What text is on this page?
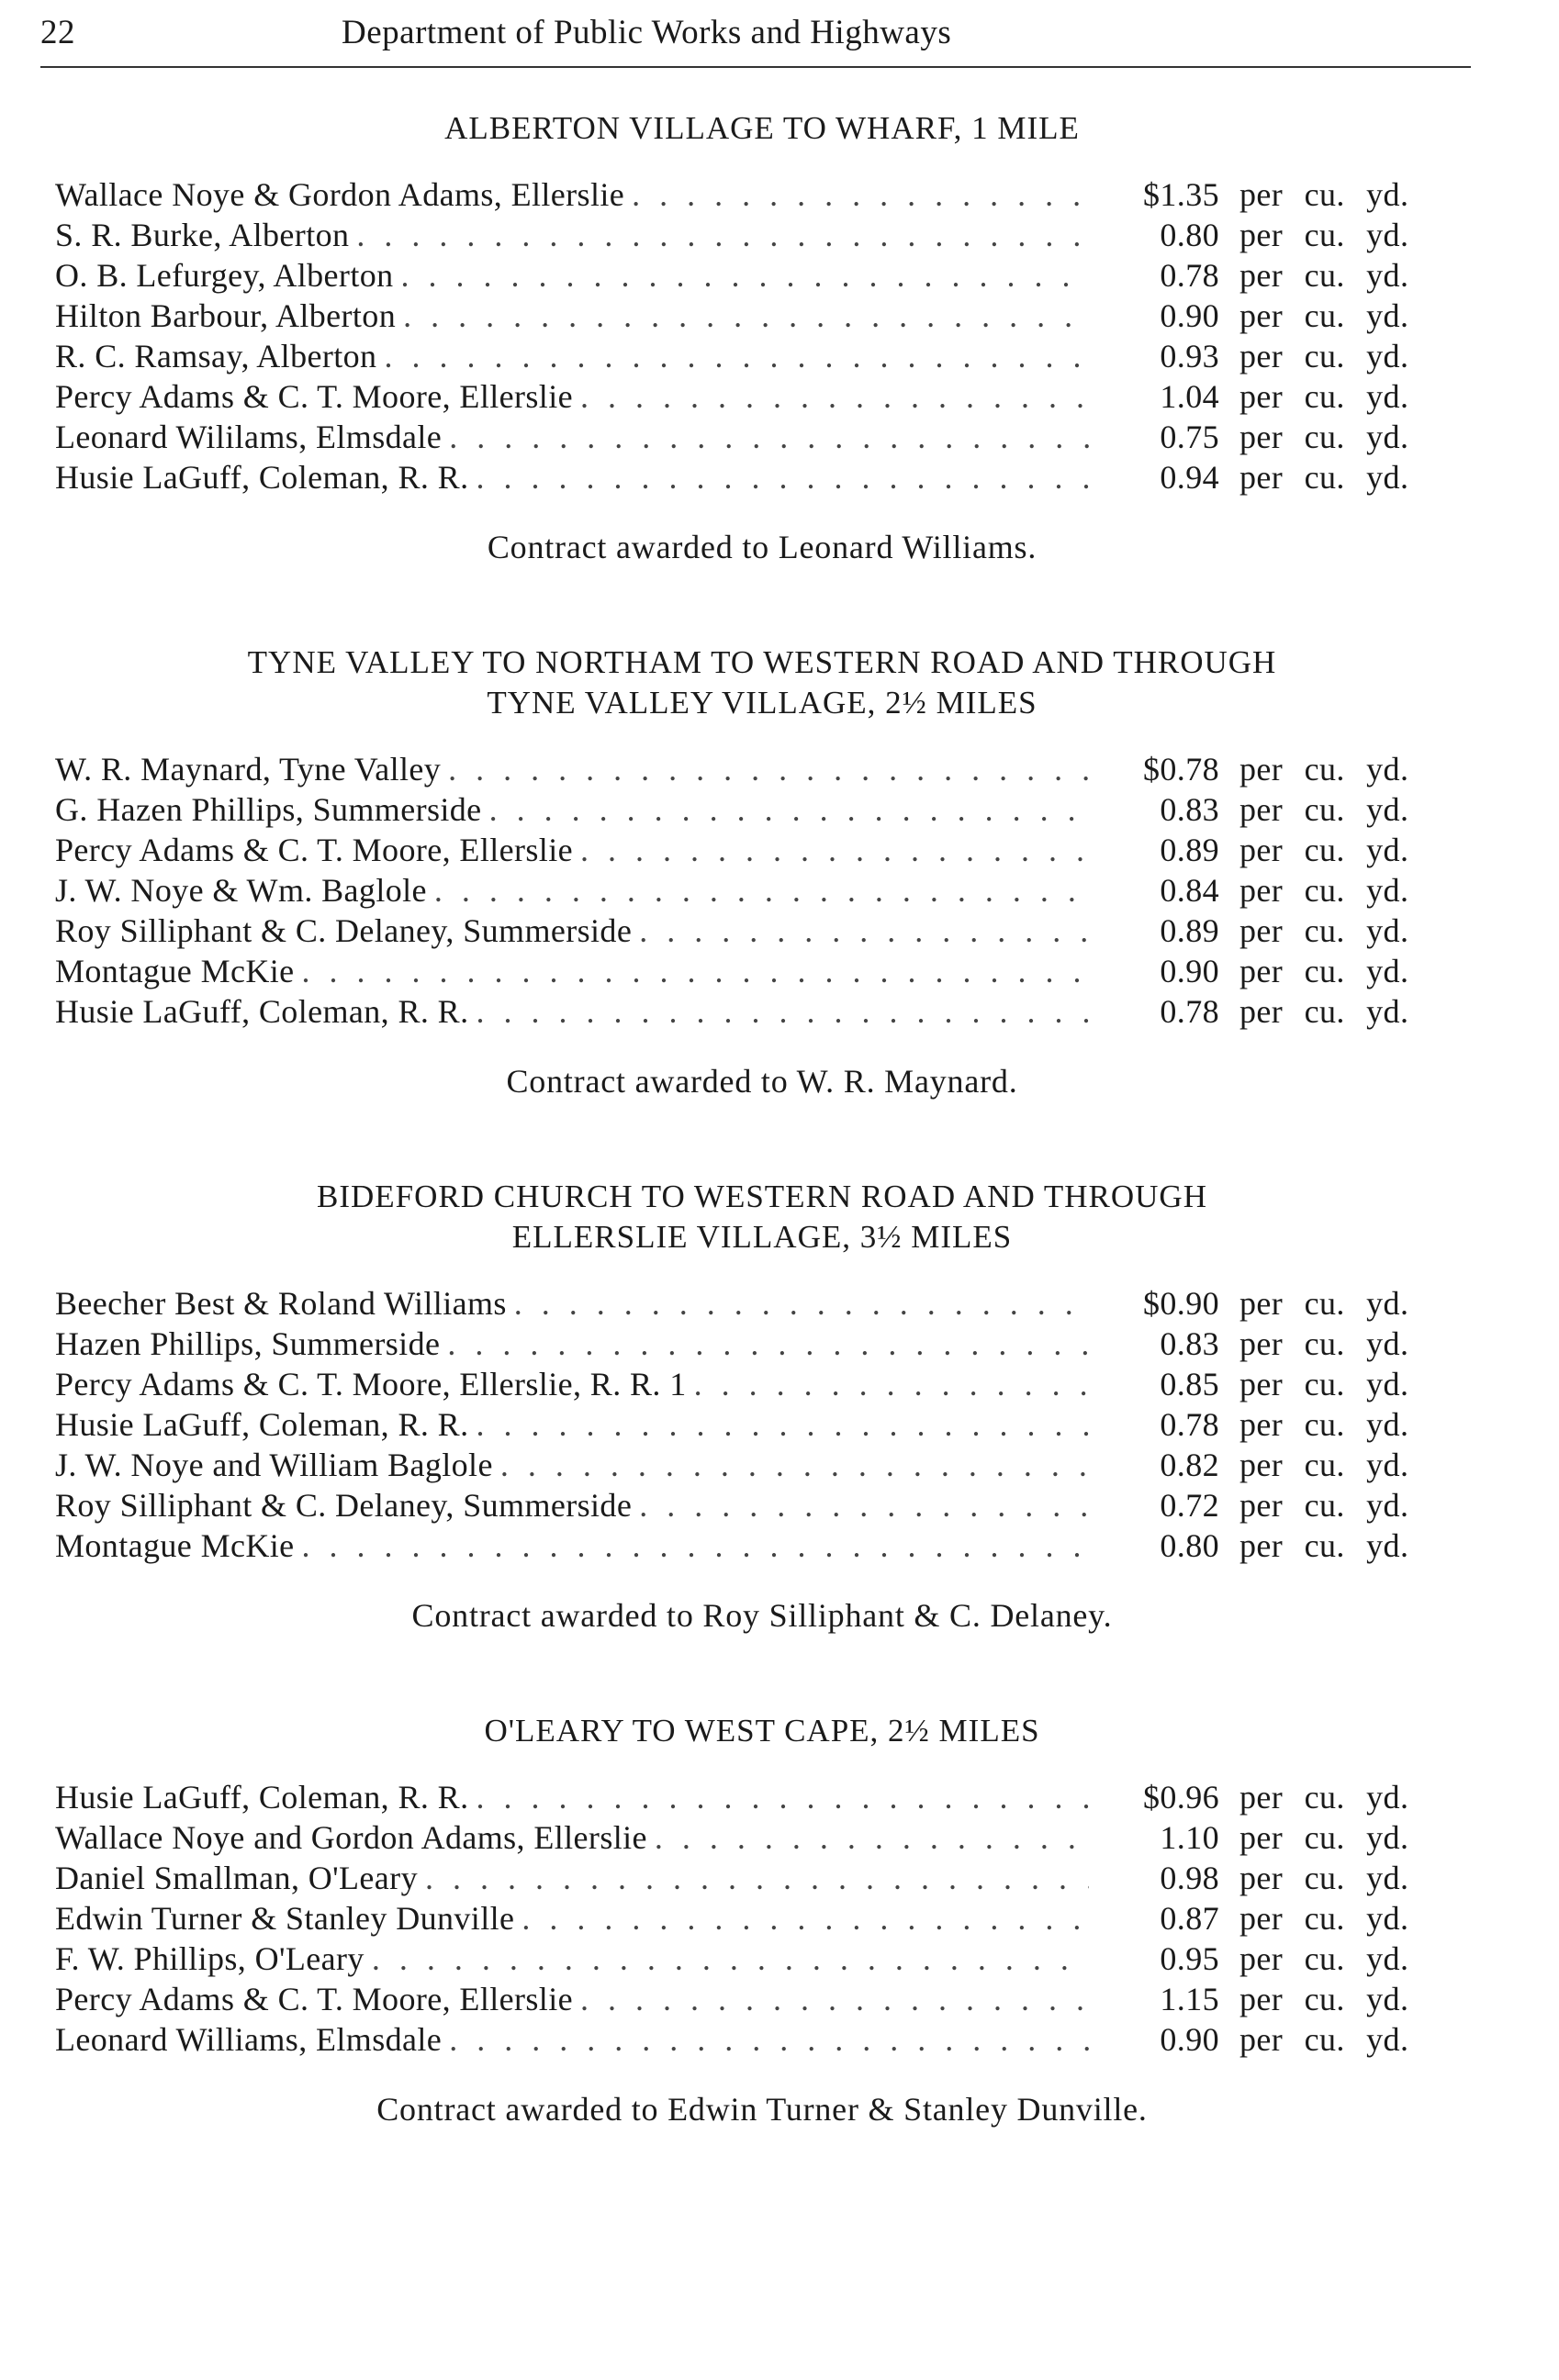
22	Department of Public Works and Highways

ALBERTON VILLAGE TO WHARF, 1 MILE

Wallace Noye & Gordon Adams, Ellerslie . . .	$1.35 per cu. yd.
S. R. Burke, Alberton . . .	0.80 per cu. yd.
O. B. Lefurgey, Alberton . . .	0.78 per cu. yd.
Hilton Barbour, Alberton . . .	0.90 per cu. yd.
R. C. Ramsay, Alberton . . .	0.93 per cu. yd.
Percy Adams & C. T. Moore, Ellerslie . . .	1.04 per cu. yd.
Leonard Wililams, Elmsdale . . .	0.75 per cu. yd.
Husie LaGuff, Coleman, R. R. . . .	0.94 per cu. yd.
Contract awarded to Leonard Williams.

TYNE VALLEY TO NORTHAM TO WESTERN ROAD AND THROUGH
TYNE VALLEY VILLAGE, 2½ MILES

W. R. Maynard, Tyne Valley . . .	$0.78 per cu. yd.
G. Hazen Phillips, Summerside . . .	0.83 per cu. yd.
Percy Adams & C. T. Moore, Ellerslie . . .	0.89 per cu. yd.
J. W. Noye & Wm. Baglole . . .	0.84 per cu. yd.
Roy Silliphant & C. Delaney, Summerside . . .	0.89 per cu. yd.
Montague McKie . . .	0.90 per cu. yd.
Husie LaGuff, Coleman, R. R. . . .	0.78 per cu. yd.
Contract awarded to W. R. Maynard.

BIDEFORD CHURCH TO WESTERN ROAD AND THROUGH
ELLERSLIE VILLAGE, 3½ MILES

Beecher Best & Roland Williams . . .	$0.90 per cu. yd.
Hazen Phillips, Summerside . . .	0.83 per cu. yd.
Percy Adams & C. T. Moore, Ellerslie, R. R. 1 . . .	0.85 per cu. yd.
Husie LaGuff, Coleman, R. R. . . .	0.78 per cu. yd.
J. W. Noye and William Baglole . . .	0.82 per cu. yd.
Roy Silliphant & C. Delaney, Summerside . . .	0.72 per cu. yd.
Montague McKie . . .	0.80 per cu. yd.
Contract awarded to Roy Silliphant & C. Delaney.

O'LEARY TO WEST CAPE, 2½ MILES

Husie LaGuff, Coleman, R. R. . . .	$0.96 per cu. yd.
Wallace Noye and Gordon Adams, Ellerslie . . .	1.10 per cu. yd.
Daniel Smallman, O'Leary . . .	0.98 per cu. yd.
Edwin Turner & Stanley Dunville . . .	0.87 per cu. yd.
F. W. Phillips, O'Leary . . .	0.95 per cu. yd.
Percy Adams & C. T. Moore, Ellerslie . . .	1.15 per cu. yd.
Leonard Williams, Elmsdale . . .	0.90 per cu. yd.
Contract awarded to Edwin Turner & Stanley Dunville.
